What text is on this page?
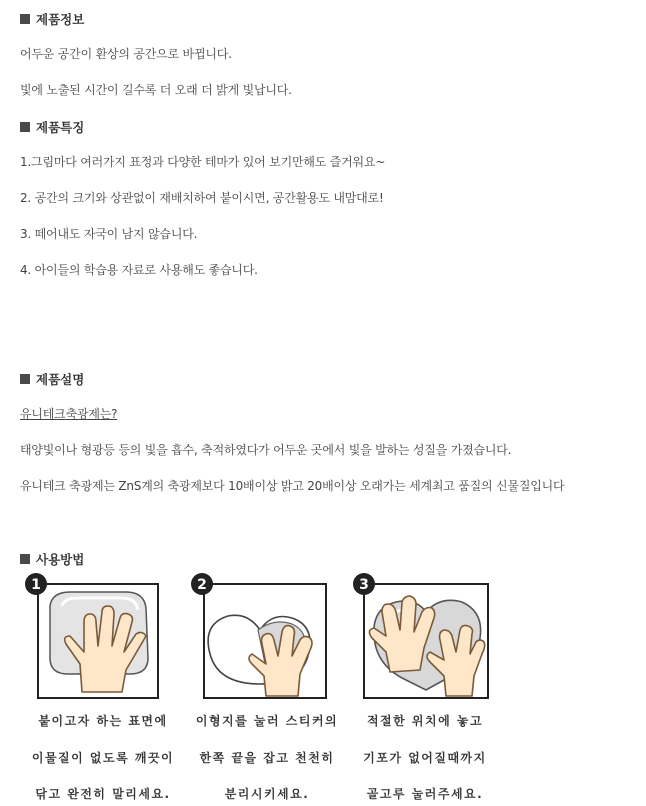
제품정보
어두운 공간이 환상의 공간으로 바뀝니다.
빛에 노출된 시간이 길수록 더 오래 더 밝게 빛납니다.
제품특징
1.그림마다 여러가지 표정과 다양한 테마가 있어 보기만해도 즐거워요~
2. 공간의 크기와 상관없이 재배치하여 붙이시면, 공간활용도 내맘대로!
3. 떼어내도 자국이 남지 않습니다.
4. 아이들의 학습용 자료로 사용해도 좋습니다.
제품설명
유니테크축광제는?
태양빛이나 형광등 등의 빛을 흡수, 축적하였다가 어두운 곳에서 빛을 발하는 성질을 가졌습니다.
유니테크 축광제는 ZnS계의 축광제보다 10배이상 밝고 20배이상 오래가는 세계최고 품질의 신물질입니다
사용방법
1	2	3
붙이고자 하는 표면에
이물질이 없도록 깨끗이
닦고 완전히 말리세요.
이형지를 눌러 스티커의
한쪽 끝을 잡고 천천히
분리시키세요.
적절한 위치에 놓고
기포가 없어질때까지
골고루 눌러주세요.
